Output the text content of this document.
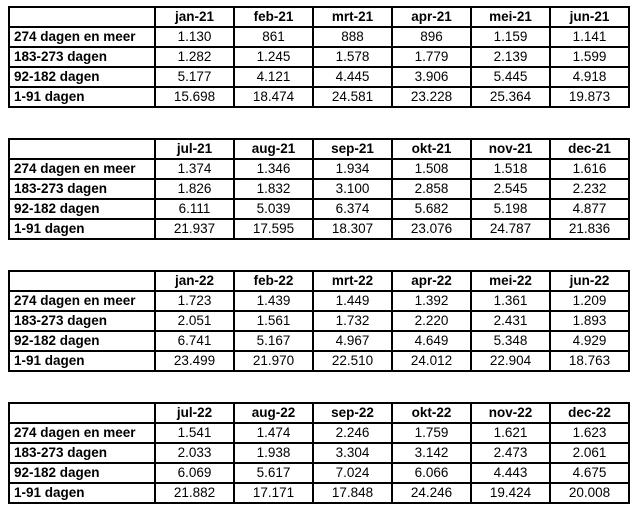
	jan-21	feb-21	mrt-21	apr-21	mei-21	jun-21
274 dagen en meer	1.130	861	888	896	1.159	1.141
183-273 dagen	1.282	1.245	1.578	1.779	2.139	1.599
92-182 dagen	5.177	4.121	4.445	3.906	5.445	4.918
1-91 dagen	15.698	18.474	24.581	23.228	25.364	19.873
	jul-21	aug-21	sep-21	okt-21	nov-21	dec-21
274 dagen en meer	1.374	1.346	1.934	1.508	1.518	1.616
183-273 dagen	1.826	1.832	3.100	2.858	2.545	2.232
92-182 dagen	6.111	5.039	6.374	5.682	5.198	4.877
1-91 dagen	21.937	17.595	18.307	23.076	24.787	21.836
	jan-22	feb-22	mrt-22	apr-22	mei-22	jun-22
274 dagen en meer	1.723	1.439	1.449	1.392	1.361	1.209
183-273 dagen	2.051	1.561	1.732	2.220	2.431	1.893
92-182 dagen	6.741	5.167	4.967	4.649	5.348	4.929
1-91 dagen	23.499	21.970	22.510	24.012	22.904	18.763
	jul-22	aug-22	sep-22	okt-22	nov-22	dec-22
274 dagen en meer	1.541	1.474	2.246	1.759	1.621	1.623
183-273 dagen	2.033	1.938	3.304	3.142	2.473	2.061
92-182 dagen	6.069	5.617	7.024	6.066	4.443	4.675
1-91 dagen	21.882	17.171	17.848	24.246	19.424	20.008
